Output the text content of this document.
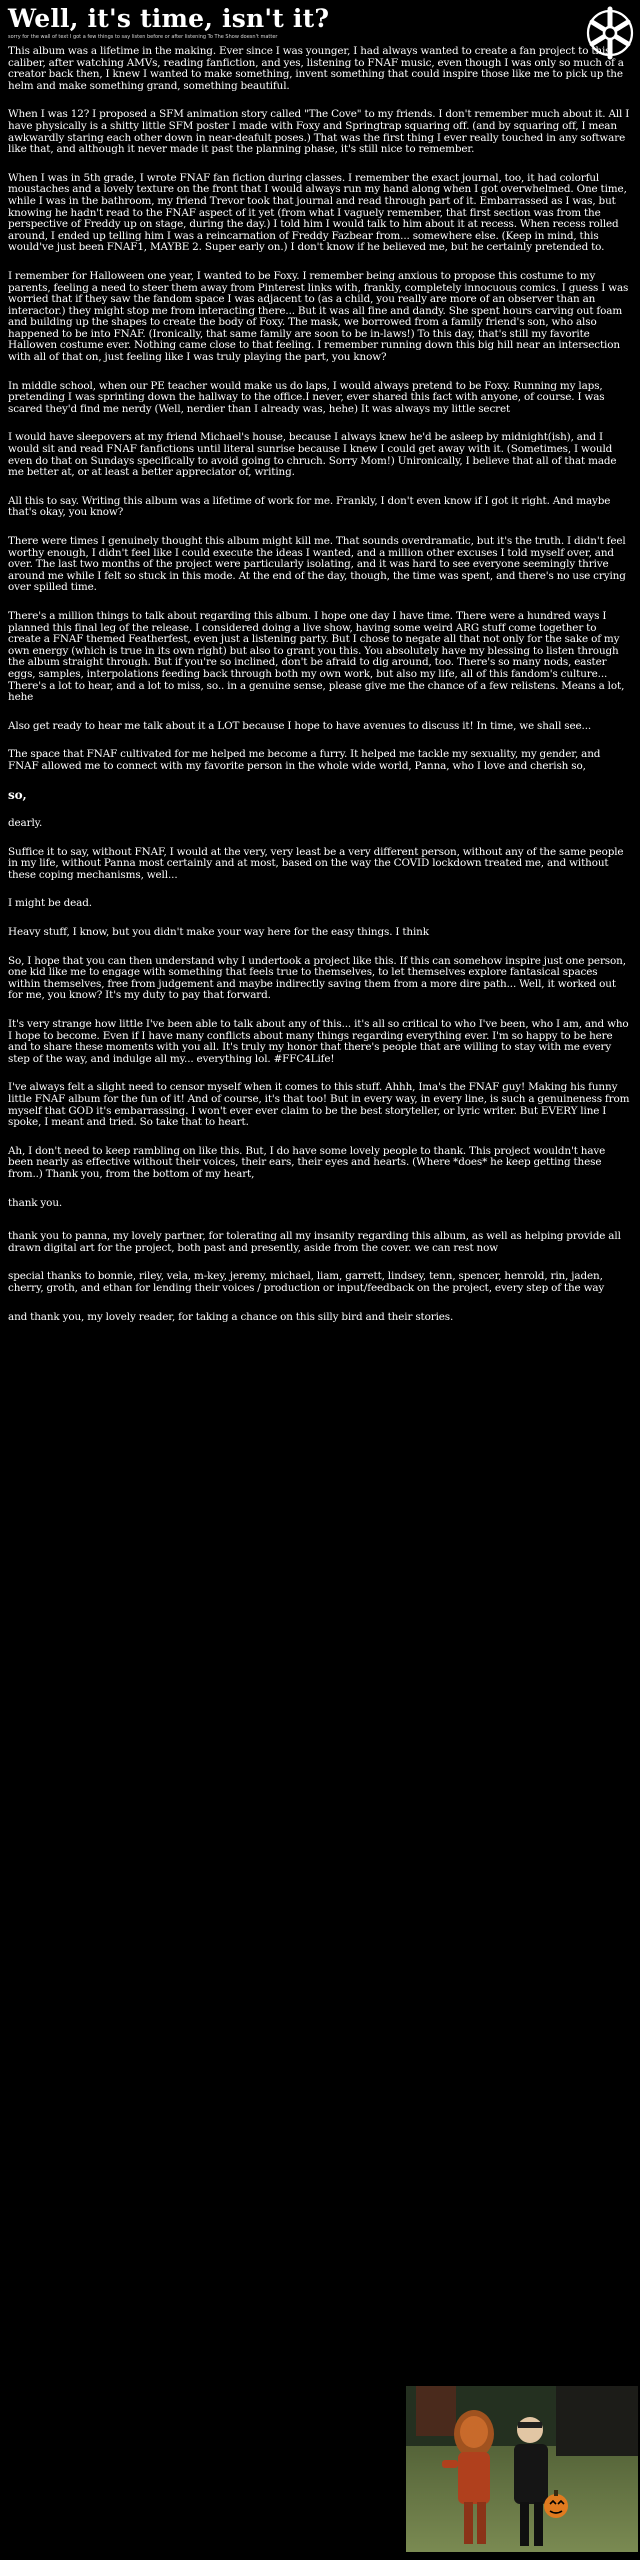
Well, it's time, isn't it?
sorry for the wall of text I got a few things to say listen before or after listening To The Show doesn't matter

This album was a lifetime in the making. Ever since I was younger, I had always wanted to create a fan project to this caliber, after watching AMVs, reading fanfiction, and yes, listening to FNAF music, even though I was only so much of a creator back then, I knew I wanted to make something, invent something that could inspire those like me to pick up the helm and make something grand, something beautiful.

When I was 12? I proposed a SFM animation story called "The Cove" to my friends. I don't remember much about it. All I have physically is a shitty little SFM poster I made with Foxy and Springtrap squaring off. (and by squaring off, I mean awkwardly staring each other down in near-deafult poses.) That was the first thing I ever really touched in any software like that, and although it never made it past the planning phase, it's still nice to remember.

When I was in 5th grade, I wrote FNAF fan fiction during classes. I remember the exact journal, too, it had colorful moustaches and a lovely texture on the front that I would always run my hand along when I got overwhelmed. One time, while I was in the bathroom, my friend Trevor took that journal and read through part of it. Embarrassed as I was, but knowing he hadn't read to the FNAF aspect of it yet (from what I vaguely remember, that first section was from the perspective of Freddy up on stage, during the day.) I told him I would talk to him about it at recess. When recess rolled around, I ended up telling him I was a reincarnation of Freddy Fazbear from... somewhere else. (Keep in mind, this would've just been FNAF1, MAYBE 2. Super early on.) I don't know if he believed me, but he certainly pretended to.

I remember for Halloween one year, I wanted to be Foxy. I remember being anxious to propose this costume to my parents, feeling a need to steer them away from Pinterest links with, frankly, completely innocuous comics. I guess I was worried that if they saw the fandom space I was adjacent to (as a child, you really are more of an observer than an interactor.) they might stop me from interacting there... But it was all fine and dandy. She spent hours carving out foam and building up the shapes to create the body of Foxy. The mask, we borrowed from a family friend's son, who also happened to be into FNAF. (Ironically, that same family are soon to be in-laws!) To this day, that's still my favorite Hallowen costume ever. Nothing came close to that feeling. I remember running down this big hill near an intersection with all of that on, just feeling like I was truly playing the part, you know?

In middle school, when our PE teacher would make us do laps, I would always pretend to be Foxy. Running my laps, pretending I was sprinting down the hallway to the office.I never, ever shared this fact with anyone, of course. I was scared they'd find me nerdy (Well, nerdier than I already was, hehe) It was always my little secret

I would have sleepovers at my friend Michael's house, because I always knew he'd be asleep by midnight(ish), and I would sit and read FNAF fanfictions until literal sunrise because I knew I could get away with it. (Sometimes, I would even do that on Sundays specifically to avoid going to chruch. Sorry Mom!) Unironically, I believe that all of that made me better at, or at least a better appreciator of, writing.

All this to say. Writing this album was a lifetime of work for me. Frankly, I don't even know if I got it right. And maybe that's okay, you know?

There were times I genuinely thought this album might kill me. That sounds overdramatic, but it's the truth. I didn't feel worthy enough, I didn't feel like I could execute the ideas I wanted, and a million other excuses I told myself over, and over. The last two months of the project were particularly isolating, and it was hard to see everyone seemingly thrive around me while I felt so stuck in this mode. At the end of the day, though, the time was spent, and there's no use crying over spilled time.

There's a million things to talk about regarding this album. I hope one day I have time. There were a hundred ways I planned this final leg of the release. I considered doing a live show, having some weird ARG stuff come together to create a FNAF themed Featherfest, even just a listening party. But I chose to negate all that not only for the sake of my own energy (which is true in its own right) but also to grant you this. You absolutely have my blessing to listen through the album straight through. But if you're so inclined, don't be afraid to dig around, too. There's so many nods, easter eggs, samples, interpolations feeding back through both my own work, but also my life, all of this fandom's culture... There's a lot to hear, and a lot to miss, so.. in a genuine sense, please give me the chance of a few relistens. Means a lot, hehe

Also get ready to hear me talk about it a LOT because I hope to have avenues to discuss it! In time, we shall see...

The space that FNAF cultivated for me helped me become a furry. It helped me tackle my sexuality, my gender, and FNAF allowed me to connect with my favorite person in the whole wide world, Panna, who I love and cherish so,

so,

dearly.

Suffice it to say, without FNAF, I would at the very, very least be a very different person, without any of the same people in my life, without Panna most certainly and at most, based on the way the COVID lockdown treated me, and without these coping mechanisms, well...

I might be dead.

Heavy stuff, I know, but you didn't make your way here for the easy things. I think

So, I hope that you can then understand why I undertook a project like this. If this can somehow inspire just one person, one kid like me to engage with something that feels true to themselves, to let themselves explore fantasical spaces within themselves, free from judgement and maybe indirectly saving them from a more dire path... Well, it worked out for me, you know? It's my duty to pay that forward.

It's very strange how little I've been able to talk about any of this... it's all so critical to who I've been, who I am, and who I hope to become. Even if I have many conflicts about many things regarding everything ever. I'm so happy to be here and to share these moments with you all. It's truly my honor that there's people that are willing to stay with me every step of the way, and indulge all my... everything lol. #FFC4Life!

I've always felt a slight need to censor myself when it comes to this stuff. Ahhh, Ima's the FNAF guy! Making his funny little FNAF album for the fun of it! And of course, it's that too! But in every way, in every line, is such a genuineness from myself that GOD it's embarrassing. I won't ever ever claim to be the best storyteller, or lyric writer. But EVERY line I spoke, I meant and tried. So take that to heart.

Ah, I don't need to keep rambling on like this. But, I do have some lovely people to thank. This project wouldn't have been nearly as effective without their voices, their ears, their eyes and hearts. (Where *does* he keep getting these from..) Thank you, from the bottom of my heart,

thank you.

thank you to panna, my lovely partner, for tolerating all my insanity regarding this album, as well as helping provide all drawn digital art for the project, both past and presently, aside from the cover. we can rest now

special thanks to bonnie, riley, vela, m-key, jeremy, michael, liam, garrett, lindsey, tenn, spencer, henrold, rin, jaden, cherry, groth, and ethan for lending their voices / production or input/feedback on the project, every step of the way

and thank you, my lovely reader, for taking a chance on this silly bird and their stories.
